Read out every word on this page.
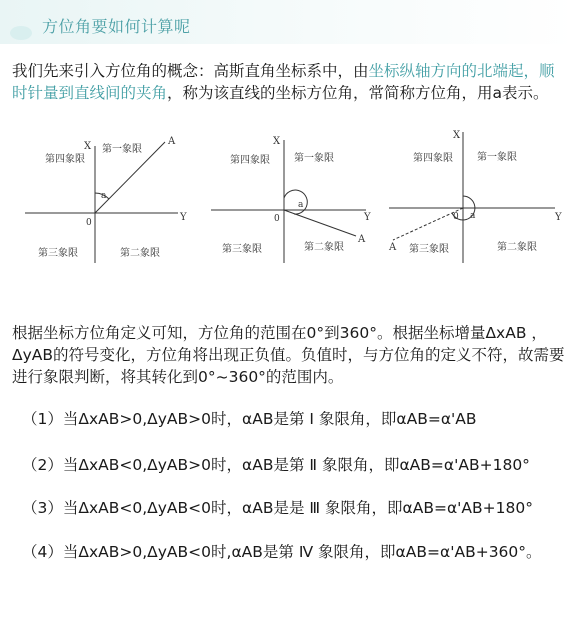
方位角要如何计算呢
我们先来引入方位角的概念：高斯直角坐标系中，由坐标纵轴方向的北端起，顺时针量到直线间的夹角，称为该直线的坐标方位角，常简称方位角，用a表示。
X
Y
0
A
a
第四象限
第一象限
第三象限	第二象限
X
Y
0
A
a
第四象限 第一象限
第三象限	第二象限
X
Y
0
A
a
第四象限 第一象限
第三象限	第二象限
根据坐标方位角定义可知，方位角的范围在0°到360°。根据坐标增量ΔxAB ，ΔyAB的符号变化，方位角将出现正负值。负值时，与方位角的定义不符，故需要进行象限判断，将其转化到0°~360°的范围内。
（1）当ΔxAB>0,ΔyAB>0时，αAB是第 Ⅰ 象限角，即αAB=α'AB
（2）当ΔxAB<0,ΔyAB>0时，αAB是第 Ⅱ 象限角，即αAB=α'AB+180°
（3）当ΔxAB<0,ΔyAB<0时，αAB是是 Ⅲ 象限角，即αAB=α'AB+180°
（4）当ΔxAB>0,ΔyAB<0时,αAB是第 Ⅳ 象限角，即αAB=α'AB+360°。
